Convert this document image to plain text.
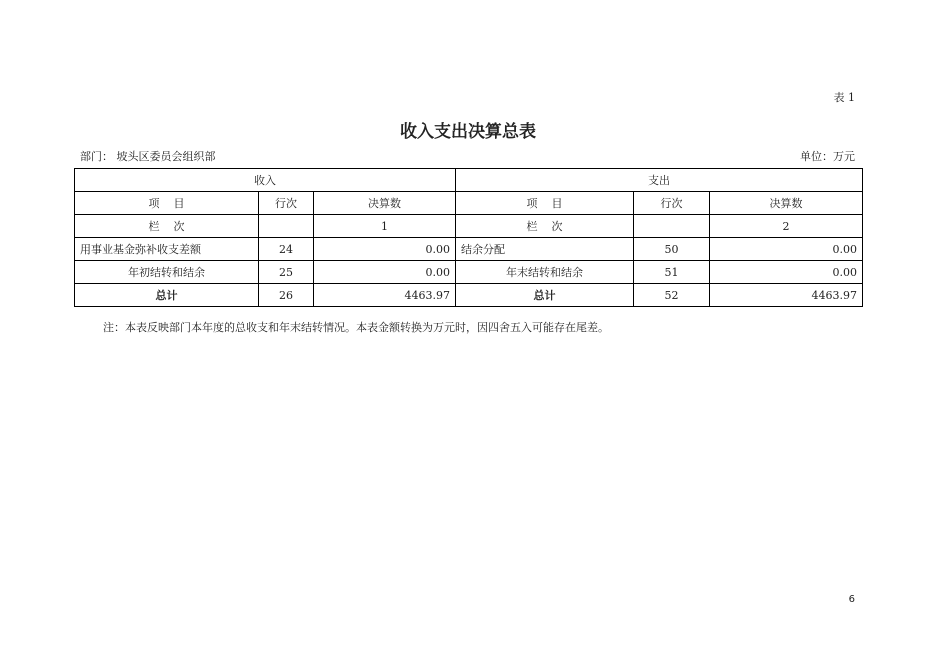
表 1
收入支出决算总表
部门： 坡头区委员会组织部	单位：万元
收入			支出		
项    目	行次	决算数	项    目	行次	决算数
栏    次		1	栏    次		2
用事业基金弥补收支差额	24	0.00	结余分配	50	0.00
年初结转和结余	25	0.00	年末结转和结余	51	0.00
总计	26	4463.97	总计	52	4463.97
注：本表反映部门本年度的总收支和年末结转情况。本表金额转换为万元时，因四舍五入可能存在尾差。
6
